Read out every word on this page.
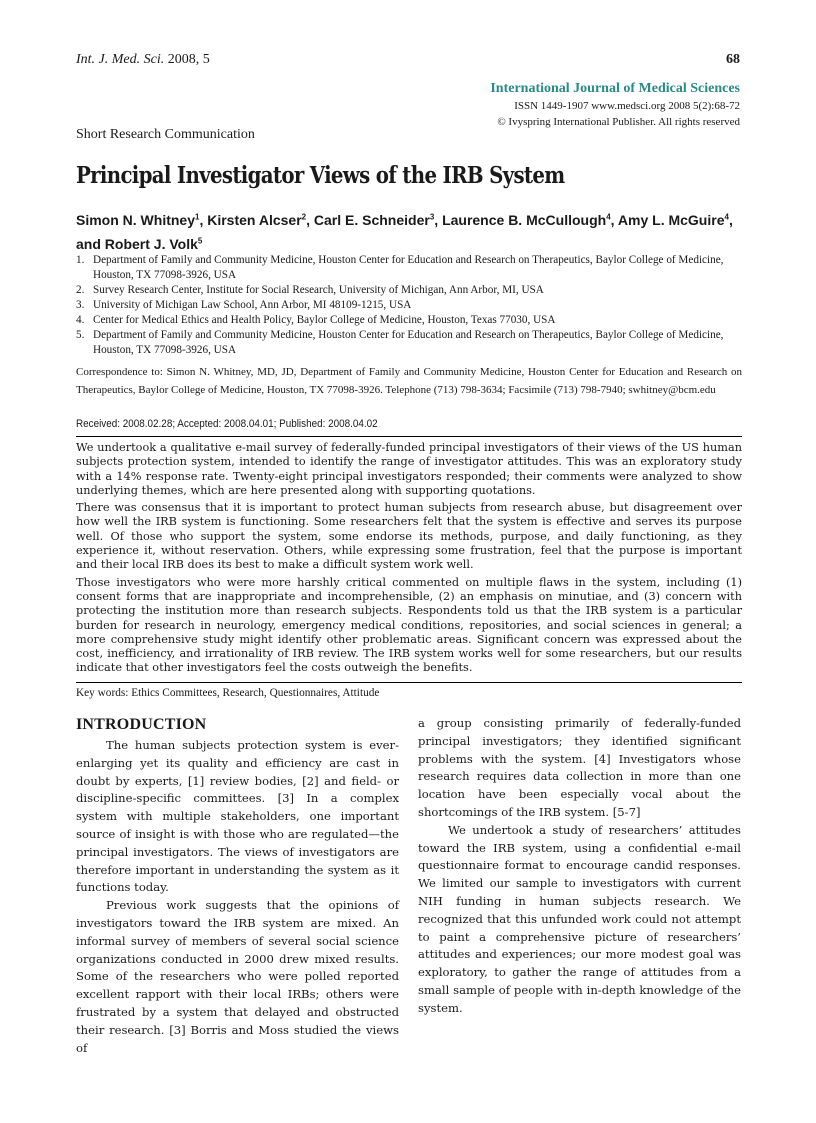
Int. J. Med. Sci. 2008, 5	68
International Journal of Medical Sciences
ISSN 1449-1907 www.medsci.org 2008 5(2):68-72
© Ivyspring International Publisher. All rights reserved
Short Research Communication
Principal Investigator Views of the IRB System
Simon N. Whitney$^1$, Kirsten Alcser$^2$, Carl E. Schneider$^3$, Laurence B. McCullough$^4$, Amy L. McGuire$^4$, and Robert J. Volk$^5$
1. Department of Family and Community Medicine, Houston Center for Education and Research on Therapeutics, Baylor College of Medicine, Houston, TX 77098-3926, USA
2. Survey Research Center, Institute for Social Research, University of Michigan, Ann Arbor, MI, USA
3. University of Michigan Law School, Ann Arbor, MI 48109-1215, USA
4. Center for Medical Ethics and Health Policy, Baylor College of Medicine, Houston, Texas 77030, USA
5. Department of Family and Community Medicine, Houston Center for Education and Research on Therapeutics, Baylor College of Medicine, Houston, TX 77098-3926, USA
Correspondence to: Simon N. Whitney, MD, JD, Department of Family and Community Medicine, Houston Center for Education and Research on Therapeutics, Baylor College of Medicine, Houston, TX 77098-3926. Telephone (713) 798-3634; Facsimile (713) 798-7940; swhitney@bcm.edu
Received: 2008.02.28; Accepted: 2008.04.01; Published: 2008.04.02

We undertook a qualitative e-mail survey of federally-funded principal investigators of their views of the US human subjects protection system, intended to identify the range of investigator attitudes. This was an exploratory study with a 14% response rate. Twenty-eight principal investigators responded; their comments were analyzed to show underlying themes, which are here presented along with supporting quotations.

There was consensus that it is important to protect human subjects from research abuse, but disagreement over how well the IRB system is functioning. Some researchers felt that the system is effective and serves its purpose well. Of those who support the system, some endorse its methods, purpose, and daily functioning, as they experience it, without reservation. Others, while expressing some frustration, feel that the purpose is important and their local IRB does its best to make a difficult system work well.

Those investigators who were more harshly critical commented on multiple flaws in the system, including (1) consent forms that are inappropriate and incomprehensible, (2) an emphasis on minutiae, and (3) concern with protecting the institution more than research subjects. Respondents told us that the IRB system is a particular burden for research in neurology, emergency medical conditions, repositories, and social sciences in general; a more comprehensive study might identify other problematic areas. Significant concern was expressed about the cost, inefficiency, and irrationality of IRB review. The IRB system works well for some researchers, but our results indicate that other investigators feel the costs outweigh the benefits.

Key words: Ethics Committees, Research, Questionnaires, Attitude
INTRODUCTION

The human subjects protection system is ever-enlarging yet its quality and efficiency are cast in doubt by experts, [1] review bodies, [2] and field- or discipline-specific committees. [3] In a complex system with multiple stakeholders, one important source of insight is with those who are regulated—the principal investigators. The views of investigators are therefore important in understanding the system as it functions today.

Previous work suggests that the opinions of investigators toward the IRB system are mixed. An informal survey of members of several social science organizations conducted in 2000 drew mixed results. Some of the researchers who were polled reported excellent rapport with their local IRBs; others were frustrated by a system that delayed and obstructed their research. [3] Borris and Moss studied the views of

a group consisting primarily of federally-funded principal investigators; they identified significant problems with the system. [4] Investigators whose research requires data collection in more than one location have been especially vocal about the shortcomings of the IRB system. [5-7]

We undertook a study of researchers’ attitudes toward the IRB system, using a confidential e-mail questionnaire format to encourage candid responses. We limited our sample to investigators with current NIH funding in human subjects research. We recognized that this unfunded work could not attempt to paint a comprehensive picture of researchers’ attitudes and experiences; our more modest goal was exploratory, to gather the range of attitudes from a small sample of people with in-depth knowledge of the system.
